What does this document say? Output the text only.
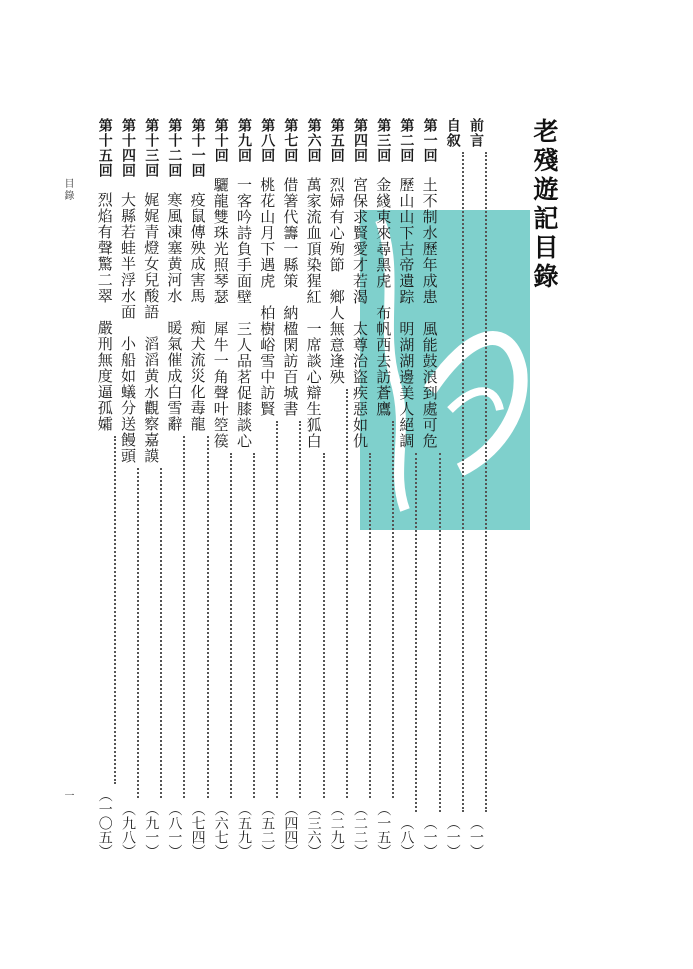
老殘遊記目錄
目錄
一
前言
（一）
自叙
（一）
第一回
土不制水歷年成患　風能鼓浪到處可危
（一）
第二回
歷山山下古帝遺踪　明湖湖邊美人絕調
（八）
第三回
金綫東來尋黑虎　布帆西去訪蒼鷹
（一五）
第四回
宮保求賢愛才若渴　太尊治盜疾惡如仇
（二二）
第五回
烈婦有心殉節　鄉人無意逢殃
（二九）
第六回
萬家流血頂染猩紅　一席談心辯生狐白
（三六）
第七回
借箸代籌一縣策　納楹閑訪百城書
（四四）
第八回
桃花山月下遇虎　柏樹峪雪中訪賢
（五二）
第九回
一客吟詩負手面壁　三人品茗促膝談心
（五九）
第十回
驪龍雙珠光照琴瑟　犀牛一角聲叶箜篌
（六七）
第十一回
疫鼠傳殃成害馬　痴犬流災化毒龍
（七四）
第十二回
寒風凍塞黄河水　暖氣催成白雪辭
（八一）
第十三回
娓娓青燈女兒酸語　滔滔黄水觀察嘉謨
（九一）
第十四回
大縣若蛙半浮水面　小船如蟻分送饅頭
（九八）
第十五回
烈焰有聲驚二翠　嚴刑無度逼孤孀
（一〇五）
